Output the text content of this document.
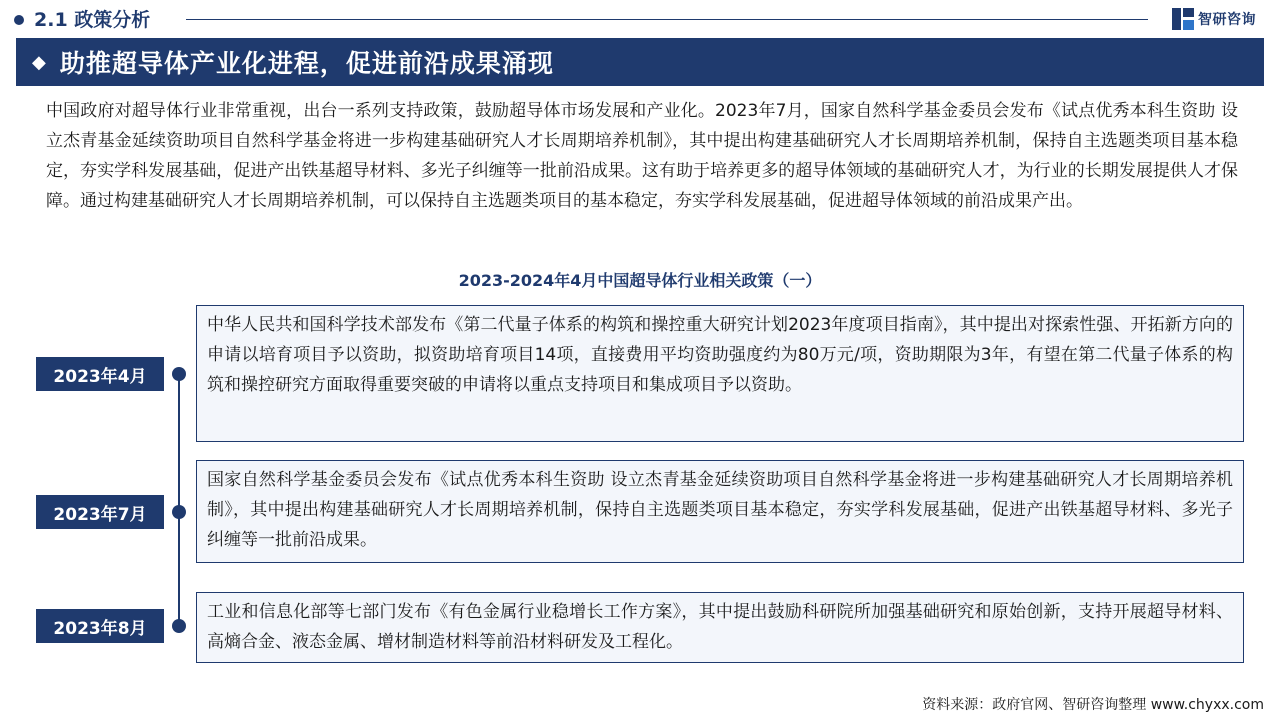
2.1 政策分析	智研咨询
◆ 助推超导体产业化进程，促进前沿成果涌现

中国政府对超导体行业非常重视，出台一系列支持政策，鼓励超导体市场发展和产业化。2023年7月，国家自然科学基金委员会发布《试点优秀本科生资助 设立杰青基金延续资助项目自然科学基金将进一步构建基础研究人才长周期培养机制》，其中提出构建基础研究人才长周期培养机制，保持自主选题类项目基本稳定，夯实学科发展基础，促进产出铁基超导材料、多光子纠缠等一批前沿成果。这有助于培养更多的超导体领域的基础研究人才，为行业的长期发展提供人才保障。通过构建基础研究人才长周期培养机制，可以保持自主选题类项目的基本稳定，夯实学科发展基础，促进超导体领域的前沿成果产出。

2023-2024年4月中国超导体行业相关政策（一）
中华人民共和国科学技术部发布《第二代量子体系的构筑和操控重大研究计划2023年度项目指南》，其中提出对探索性强、开拓新方向的申请以培育项目予以资助，拟资助培育项目14项，直接费用平均资助强度约为80万元/项，资助期限为3年，有望在第二代量子体系的构筑和操控研究方面取得重要突破的申请将以重点支持项目和集成项目予以资助。
2023年4月
国家自然科学基金委员会发布《试点优秀本科生资助 设立杰青基金延续资助项目自然科学基金将进一步构建基础研究人才长周期培养机制》，其中提出构建基础研究人才长周期培养机制，保持自主选题类项目基本稳定，夯实学科发展基础，促进产出铁基超导材料、多光子纠缠等一批前沿成果。
2023年7月
工业和信息化部等七部门发布《有色金属行业稳增长工作方案》，其中提出鼓励科研院所加强基础研究和原始创新，支持开展超导材料、高熵合金、液态金属、增材制造材料等前沿材料研发及工程化。
2023年8月
资料来源：政府官网、智研咨询整理 www.chyxx.com
